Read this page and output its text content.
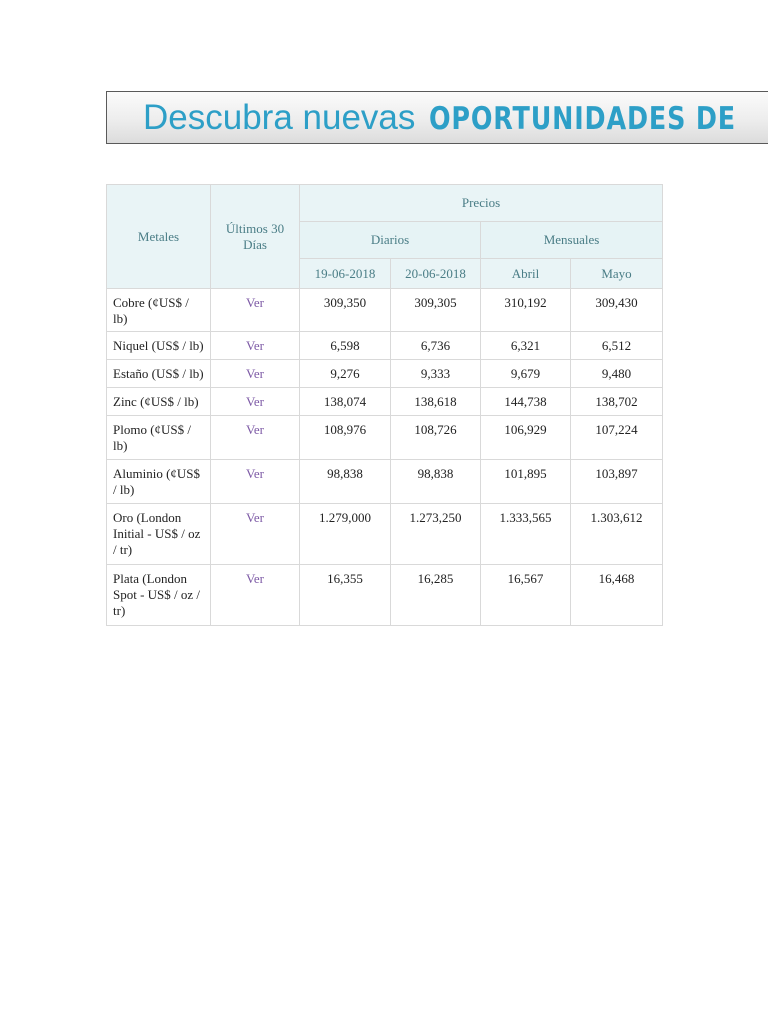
Descubra nuevas OPORTUNIDADES DE
Metales	Últimos 30 Días	Precios			
		Diarios		Mensuales	
		19-06-2018	20-06-2018	Abril	Mayo
Cobre (¢US$ / lb)	Ver	309,350	309,305	310,192	309,430
Niquel (US$ / lb)	Ver	6,598	6,736	6,321	6,512
Estaño (US$ / lb)	Ver	9,276	9,333	9,679	9,480
Zinc (¢US$ / lb)	Ver	138,074	138,618	144,738	138,702
Plomo (¢US$ / lb)	Ver	108,976	108,726	106,929	107,224
Aluminio (¢US$ / lb)	Ver	98,838	98,838	101,895	103,897
Oro (London Initial - US$ / oz / tr)	Ver	1.279,000	1.273,250	1.333,565	1.303,612
Plata (London Spot - US$ / oz / tr)	Ver	16,355	16,285	16,567	16,468
